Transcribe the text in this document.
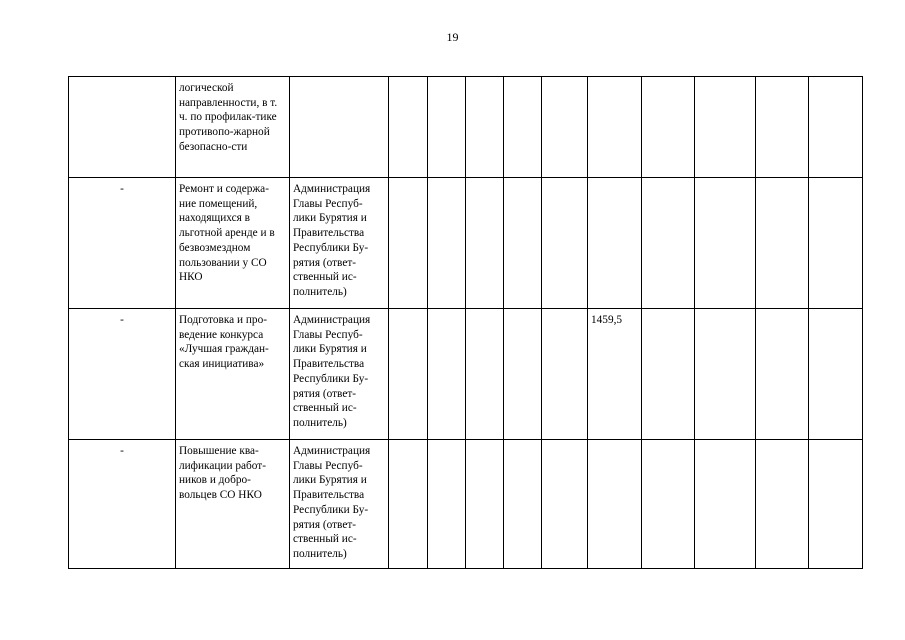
19
	логической направленности, в т. ч. по профилак-тике противопо-жарной безопасно-сти											
-	Ремонт и содержа-ние помещений, находящихся в льготной аренде и в безвозмездном пользовании у СО НКО	Администрация Главы Респуб-лики Бурятия и Правительства Республики Бу-рятия (ответ-ственный ис-полнитель)										
-	Подготовка и про-ведение конкурса «Лучшая граждан-ская инициатива»	Администрация Главы Респуб-лики Бурятия и Правительства Республики Бу-рятия (ответ-ственный ис-полнитель)						1459,5				
-	Повышение ква-лификации работ-ников и добро-вольцев СО НКО	Администрация Главы Респуб-лики Бурятия и Правительства Республики Бу-рятия (ответ-ственный ис-полнитель)										
